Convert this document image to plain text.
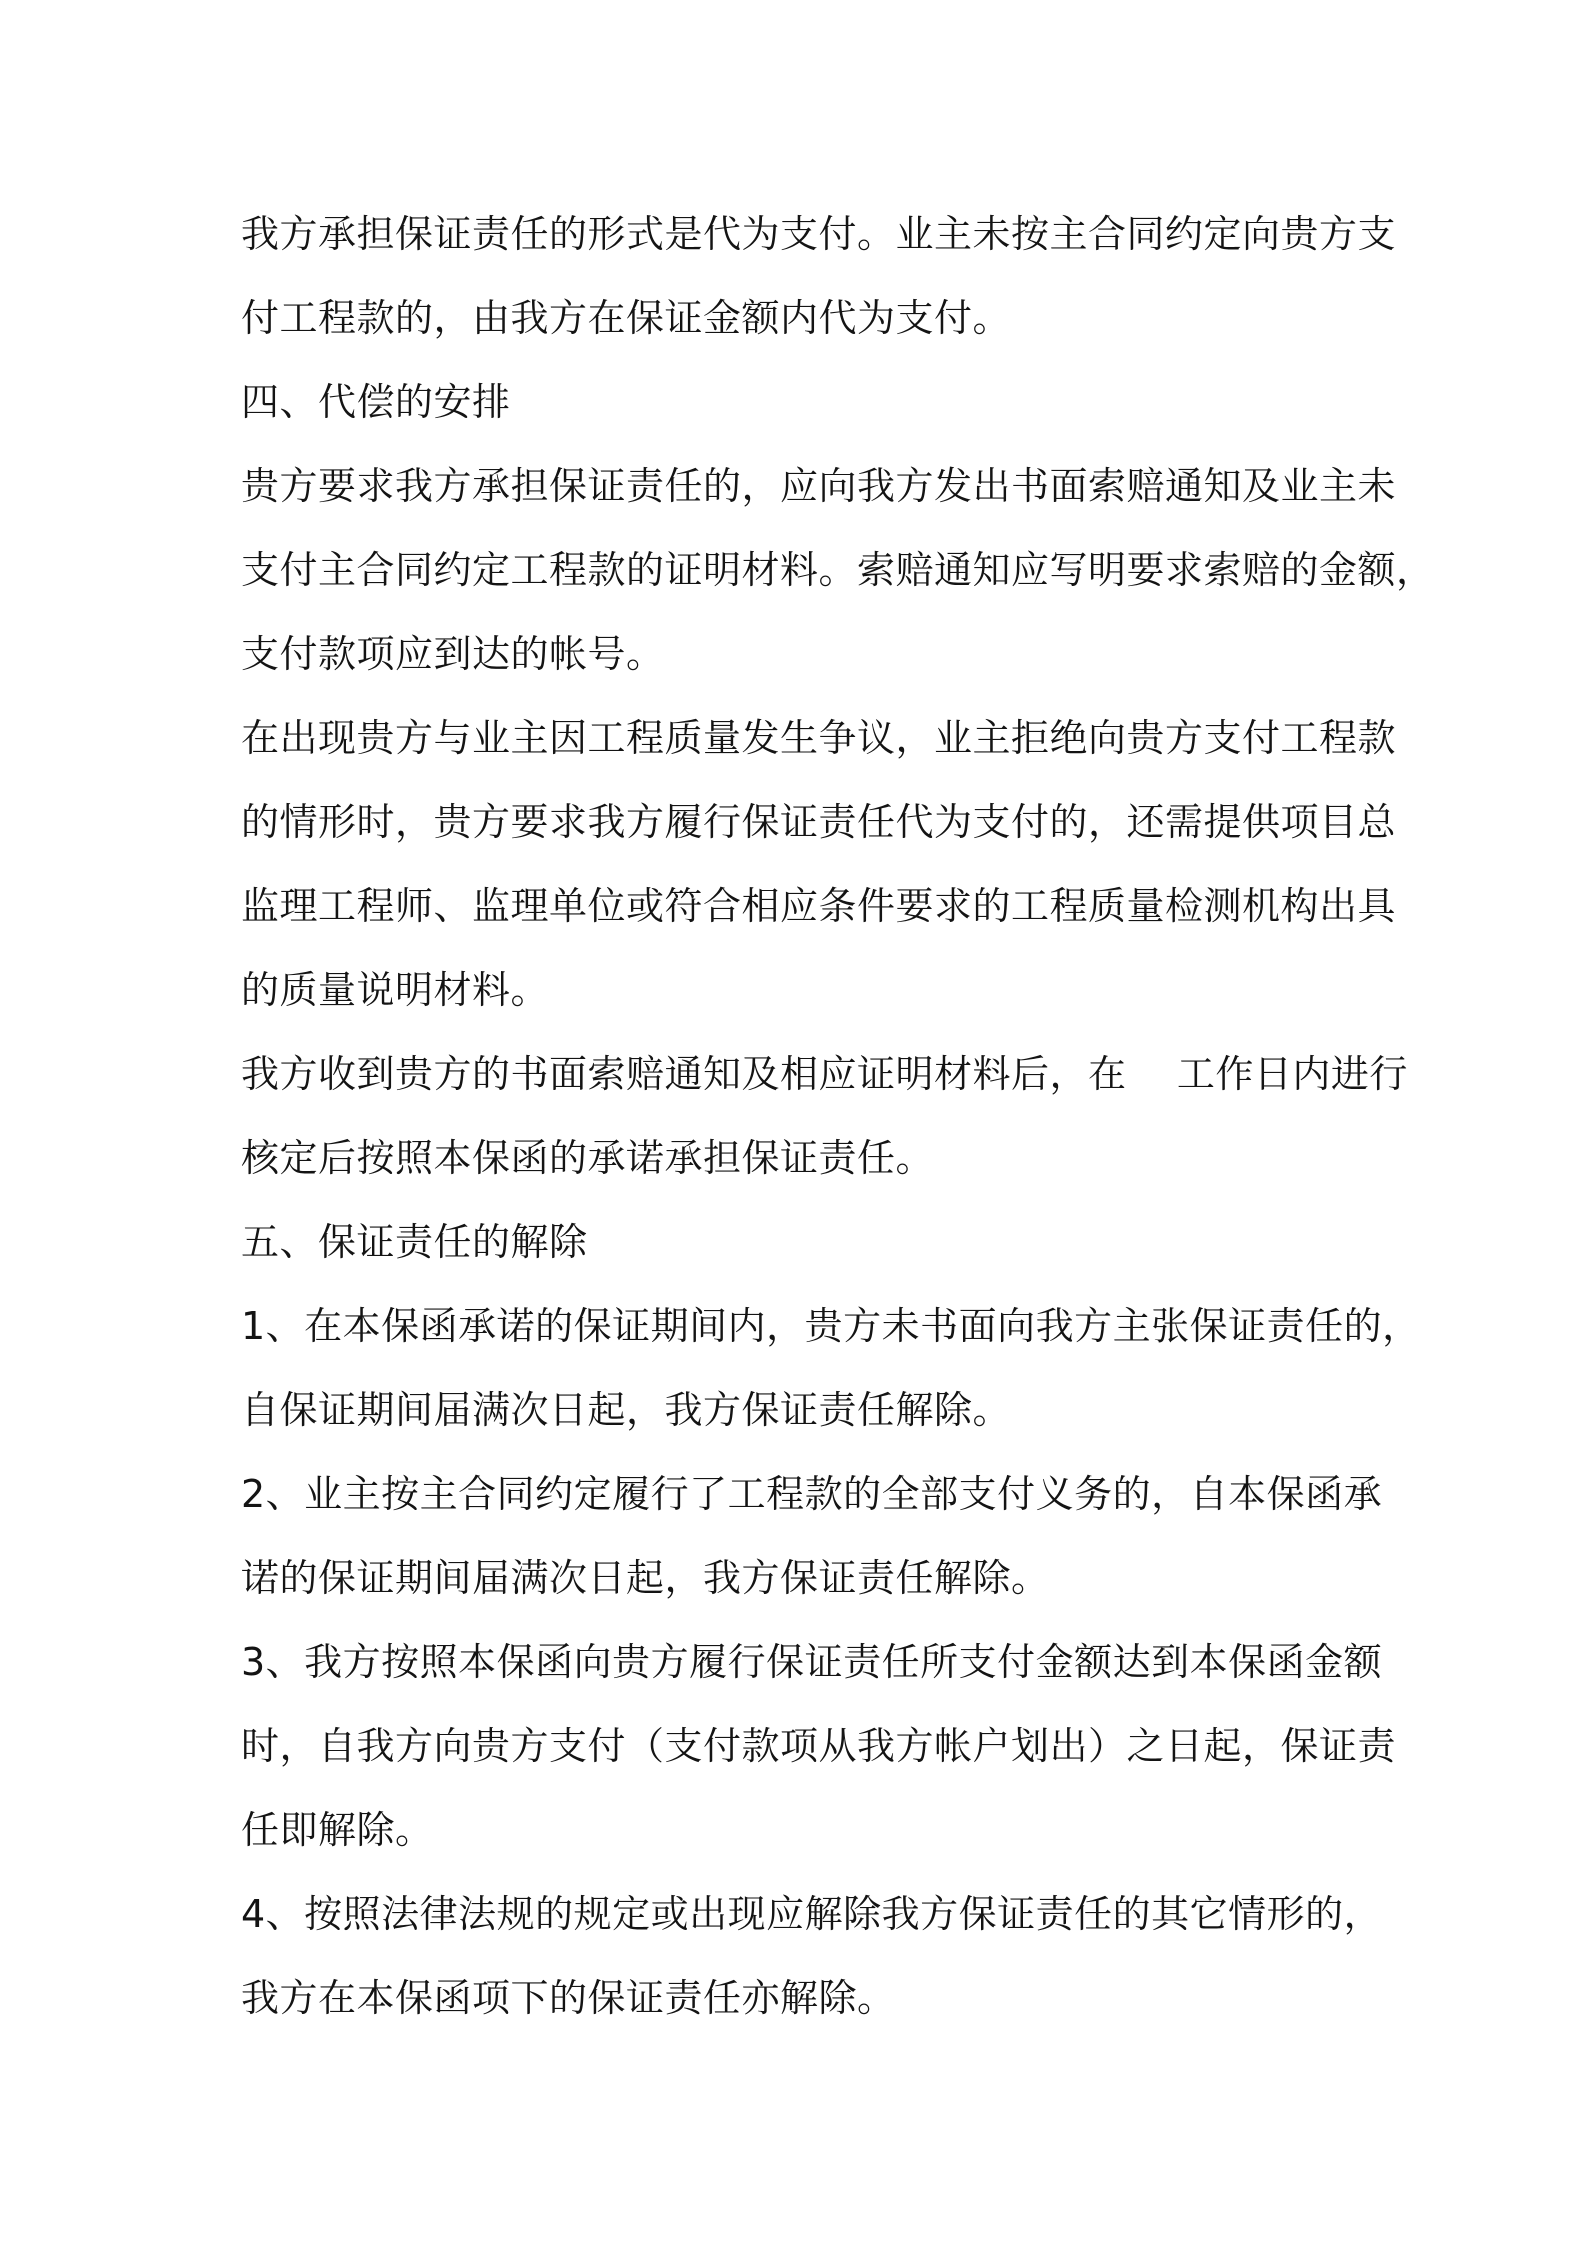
我方承担保证责任的形式是代为支付。业主未按主合同约定向贵方支
付工程款的，由我方在保证金额内代为支付。
四、代偿的安排
贵方要求我方承担保证责任的，应向我方发出书面索赔通知及业主未
支付主合同约定工程款的证明材料。索赔通知应写明要求索赔的金额，
支付款项应到达的帐号。
在出现贵方与业主因工程质量发生争议，业主拒绝向贵方支付工程款
的情形时，贵方要求我方履行保证责任代为支付的，还需提供项目总
监理工程师、监理单位或符合相应条件要求的工程质量检测机构出具
的质量说明材料。
我方收到贵方的书面索赔通知及相应证明材料后，在    工作日内进行
核定后按照本保函的承诺承担保证责任。
五、保证责任的解除
1、在本保函承诺的保证期间内，贵方未书面向我方主张保证责任的，
自保证期间届满次日起，我方保证责任解除。
2、业主按主合同约定履行了工程款的全部支付义务的，自本保函承
诺的保证期间届满次日起，我方保证责任解除。
3、我方按照本保函向贵方履行保证责任所支付金额达到本保函金额
时，自我方向贵方支付（支付款项从我方帐户划出）之日起，保证责
任即解除。
4、按照法律法规的规定或出现应解除我方保证责任的其它情形的，
我方在本保函项下的保证责任亦解除。
